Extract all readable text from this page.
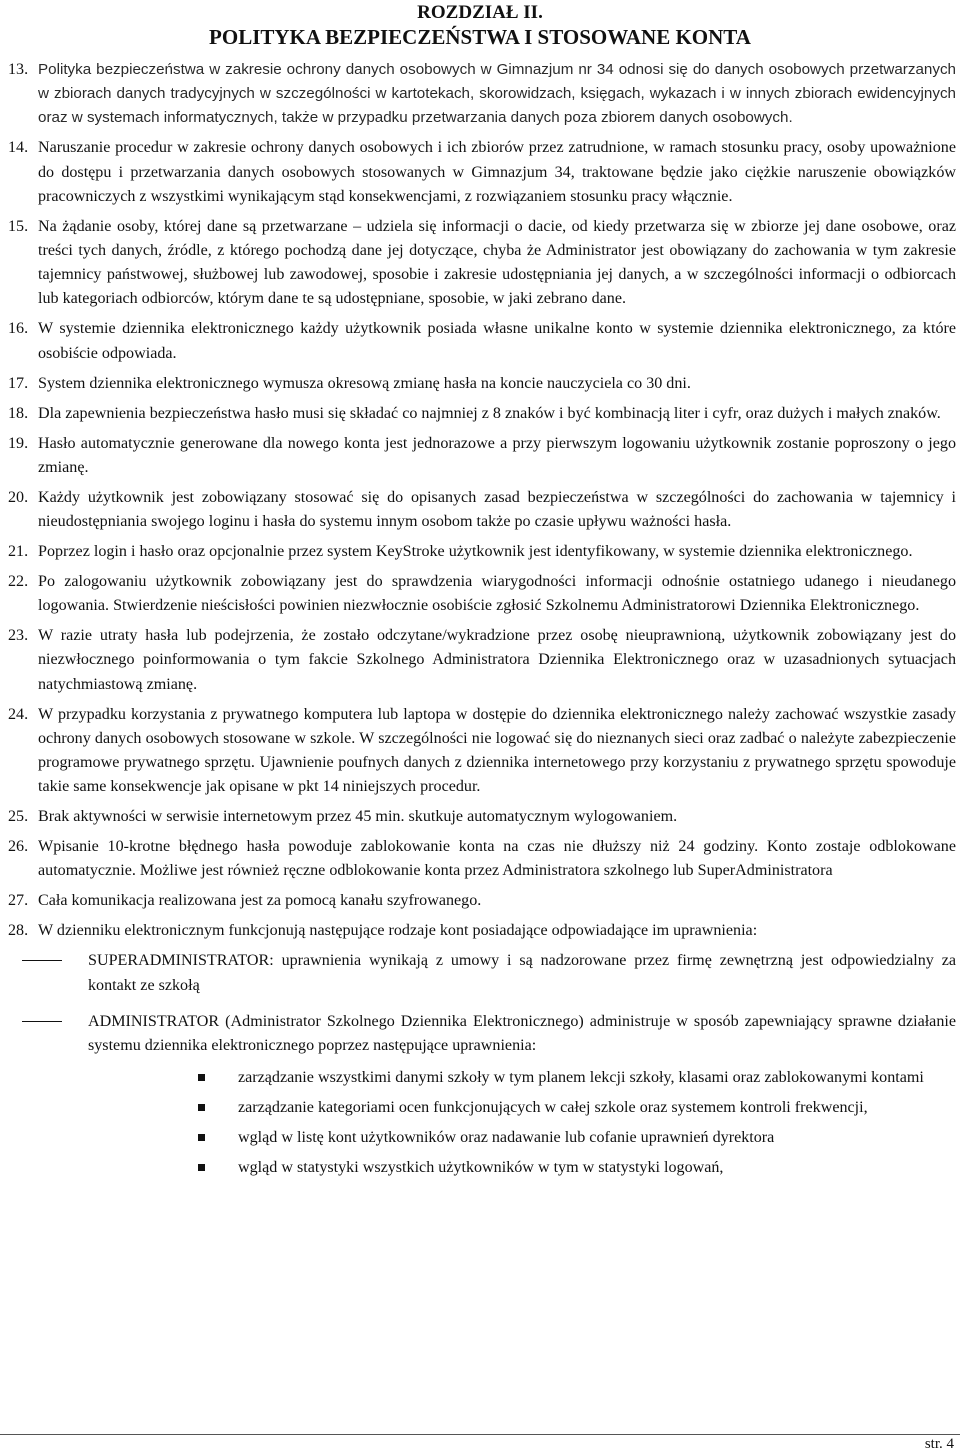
ROZDZIAŁ II.

POLITYKA BEZPIECZEŃSTWA I STOSOWANE KONTA

13. Polityka bezpieczeństwa w zakresie ochrony danych osobowych w Gimnazjum nr 34 odnosi się do danych osobowych przetwarzanych w zbiorach danych tradycyjnych w szczególności w kartotekach, skorowidzach, księgach, wykazach i w innych zbiorach ewidencyjnych oraz w systemach informatycznych, także w przypadku przetwarzania danych poza zbiorem danych osobowych.
14. Naruszanie procedur w zakresie ochrony danych osobowych i ich zbiorów przez zatrudnione, w ramach stosunku pracy, osoby upoważnione do dostępu i przetwarzania danych osobowych stosowanych w Gimnazjum 34, traktowane będzie jako ciężkie naruszenie obowiązków pracowniczych z wszystkimi wynikającym stąd konsekwencjami, z rozwiązaniem stosunku pracy włącznie.
15. Na żądanie osoby, której dane są przetwarzane – udziela się informacji o dacie, od kiedy przetwarza się w zbiorze jej dane osobowe, oraz treści tych danych, źródle, z którego pochodzą dane jej dotyczące, chyba że Administrator jest obowiązany do zachowania w tym zakresie tajemnicy państwowej, służbowej lub zawodowej, sposobie i zakresie udostępniania jej danych, a w szczególności informacji o odbiorcach lub kategoriach odbiorców, którym dane te są udostępniane, sposobie, w jaki zebrano dane.
16. W systemie dziennika elektronicznego każdy użytkownik posiada własne unikalne konto w systemie dziennika elektronicznego, za które osobiście odpowiada.
17. System dziennika elektronicznego wymusza okresową zmianę hasła na koncie nauczyciela co 30 dni.
18. Dla zapewnienia bezpieczeństwa hasło musi się składać co najmniej z 8 znaków i być kombinacją liter i cyfr, oraz dużych i małych znaków.
19. Hasło automatycznie generowane dla nowego konta jest jednorazowe a przy pierwszym logowaniu użytkownik zostanie poproszony o jego zmianę.
20. Każdy użytkownik jest zobowiązany stosować się do opisanych zasad bezpieczeństwa w szczególności do zachowania w tajemnicy i nieudostępniania swojego loginu i hasła do systemu innym osobom także po czasie upływu ważności hasła.
21. Poprzez login i hasło oraz opcjonalnie przez system KeyStroke użytkownik jest identyfikowany, w systemie dziennika elektronicznego.
22. Po zalogowaniu użytkownik zobowiązany jest do sprawdzenia wiarygodności informacji odnośnie ostatniego udanego i nieudanego logowania. Stwierdzenie nieścisłości powinien niezwłocznie osobiście zgłosić Szkolnemu Administratorowi Dziennika Elektronicznego.
23. W razie utraty hasła lub podejrzenia, że zostało odczytane/wykradzione przez osobę nieuprawnioną, użytkownik zobowiązany jest do niezwłocznego poinformowania o tym fakcie Szkolnego Administratora Dziennika Elektronicznego oraz w uzasadnionych sytuacjach natychmiastową zmianę.
24. W przypadku korzystania z prywatnego komputera lub laptopa w dostępie do dziennika elektronicznego należy zachować wszystkie zasady ochrony danych osobowych stosowane w szkole. W szczególności nie logować się do nieznanych sieci oraz zadbać o należyte zabezpieczenie programowe prywatnego sprzętu. Ujawnienie poufnych danych z dziennika internetowego przy korzystaniu z prywatnego sprzętu spowoduje takie same konsekwencje jak opisane w pkt 14 niniejszych procedur.
25. Brak aktywności w serwisie internetowym przez 45 min. skutkuje automatycznym wylogowaniem.
26. Wpisanie 10-krotne błędnego hasła powoduje zablokowanie konta na czas nie dłuższy niż 24 godziny. Konto zostaje odblokowane automatycznie. Możliwe jest również ręczne odblokowanie konta przez Administratora szkolnego lub SuperAdministratora
27. Cała komunikacja realizowana jest za pomocą kanału szyfrowanego.
28. W dzienniku elektronicznym funkcjonują następujące rodzaje kont posiadające odpowiadające im uprawnienia:
SUPERADMINISTRATOR: uprawnienia wynikają z umowy i są nadzorowane przez firmę zewnętrzną jest odpowiedzialny za kontakt ze szkołą
ADMINISTRATOR (Administrator Szkolnego Dziennika Elektronicznego) administruje w sposób zapewniający sprawne działanie systemu dziennika elektronicznego poprzez następujące uprawnienia:
zarządzanie wszystkimi danymi szkoły w tym planem lekcji szkoły, klasami oraz zablokowanymi kontami
zarządzanie kategoriami ocen funkcjonujących w całej szkole oraz systemem kontroli frekwencji,
wgląd w listę kont użytkowników oraz nadawanie lub cofanie uprawnień dyrektora
wgląd w statystyki wszystkich użytkowników w tym w statystyki logowań,
str. 4
